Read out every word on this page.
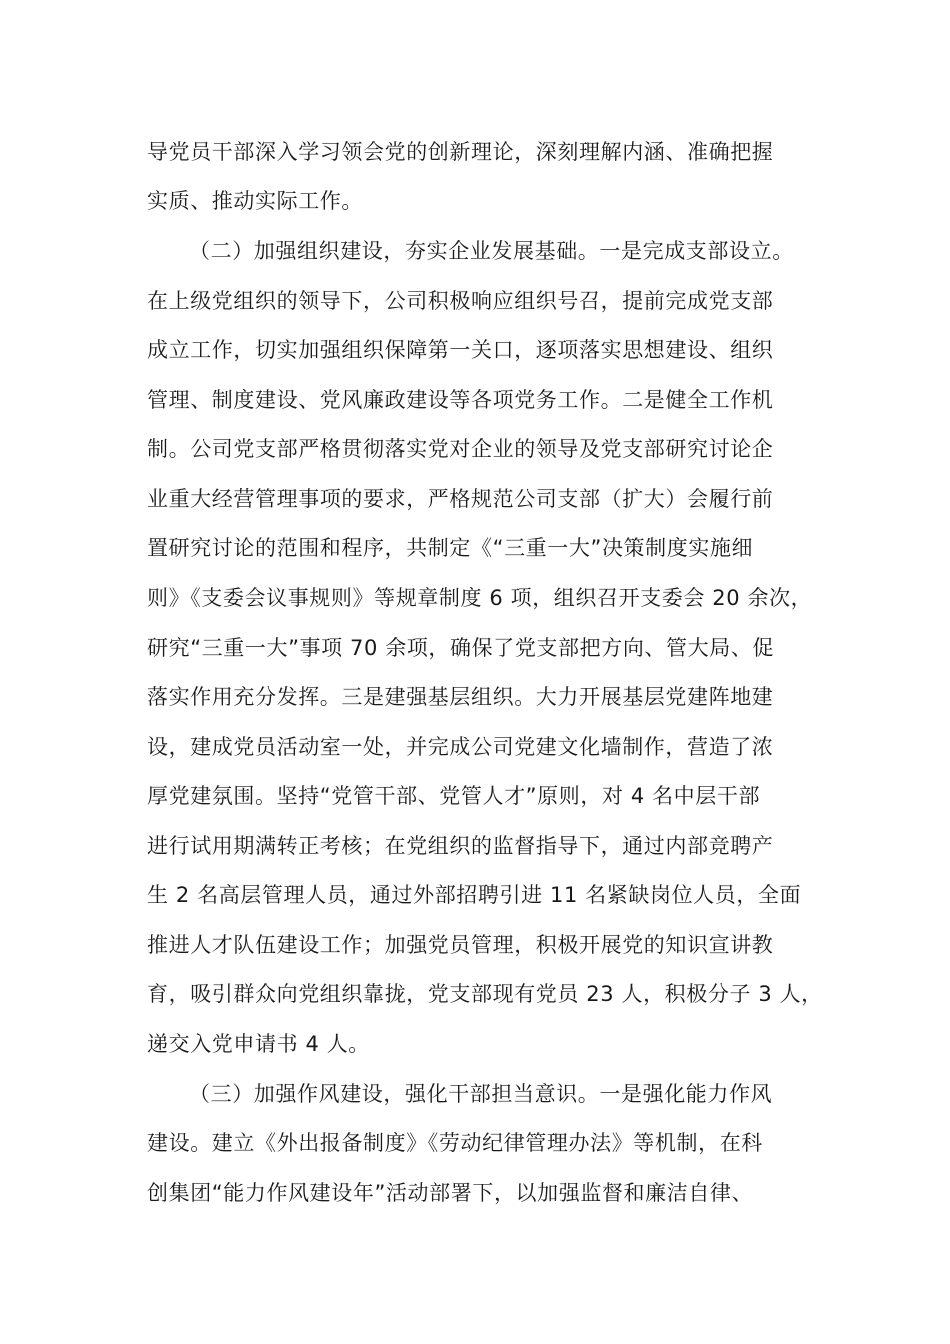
导党员干部深入学习领会党的创新理论，深刻理解内涵、准确把握
实质、推动实际工作。
（二）加强组织建设，夯实企业发展基础。一是完成支部设立。
在上级党组织的领导下，公司积极响应组织号召，提前完成党支部
成立工作，切实加强组织保障第一关口，逐项落实思想建设、组织
管理、制度建设、党风廉政建设等各项党务工作。二是健全工作机
制。公司党支部严格贯彻落实党对企业的领导及党支部研究讨论企
业重大经营管理事项的要求，严格规范公司支部（扩大）会履行前
置研究讨论的范围和程序，共制定《“三重一大”决策制度实施细
则》《支委会议事规则》等规章制度 6 项，组织召开支委会 20 余次，
研究“三重一大”事项 70 余项，确保了党支部把方向、管大局、促
落实作用充分发挥。三是建强基层组织。大力开展基层党建阵地建
设，建成党员活动室一处，并完成公司党建文化墙制作，营造了浓
厚党建氛围。坚持“党管干部、党管人才”原则，对 4 名中层干部
进行试用期满转正考核；在党组织的监督指导下，通过内部竞聘产
生 2 名高层管理人员，通过外部招聘引进 11 名紧缺岗位人员，全面
推进人才队伍建设工作；加强党员管理，积极开展党的知识宣讲教
育，吸引群众向党组织靠拢，党支部现有党员 23 人，积极分子 3 人，
递交入党申请书 4 人。
（三）加强作风建设，强化干部担当意识。一是强化能力作风
建设。建立《外出报备制度》《劳动纪律管理办法》等机制，在科
创集团“能力作风建设年”活动部署下，以加强监督和廉洁自律、
